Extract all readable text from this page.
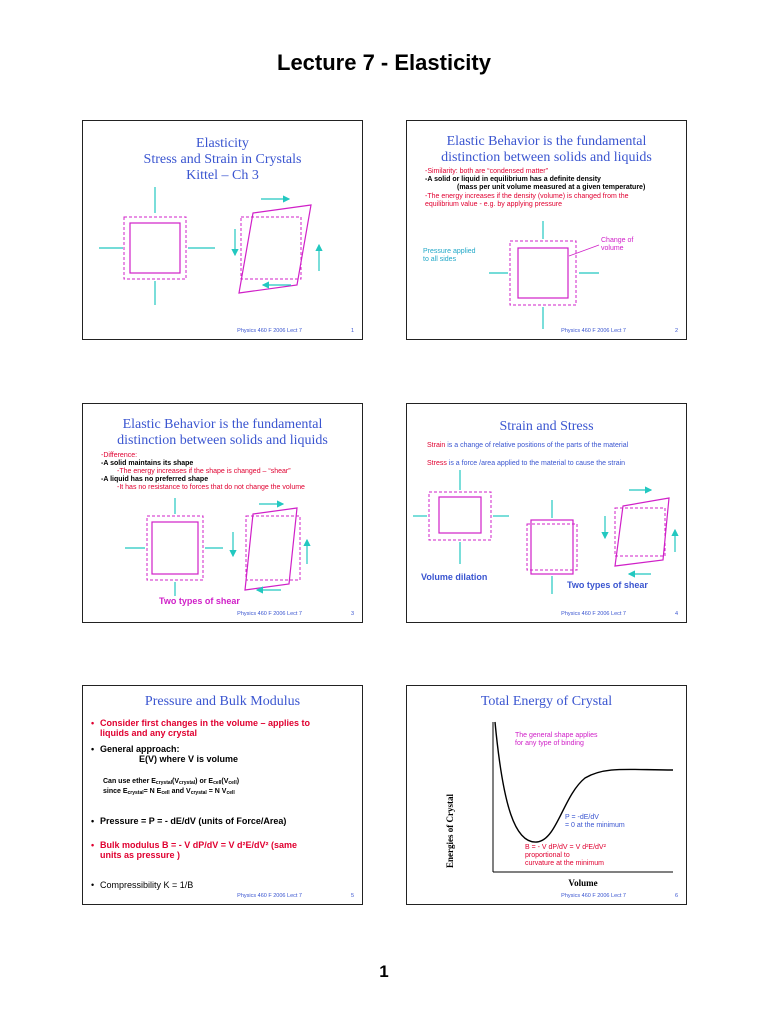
Lecture 7 - Elasticity
Elasticity
Stress and Strain in Crystals
Kittel – Ch 3
Physics 460 F 2006 Lect 7	1
Elastic Behavior is the fundamental
distinction between solids and liquids
-Similarity: both are “condensed matter”
-A solid or liquid in equilibrium has a definite density
(mass per unit volume measured at a given temperature)
-The energy increases if the density (volume) is changed from the
equilibrium value - e.g. by applying pressure
Pressure applied
to all sides
Change of
volume
Physics 460 F 2006 Lect 7	2
Elastic Behavior is the fundamental
distinction between solids and liquids
-Difference:
-A solid maintains its shape
-The energy increases if the shape is changed – “shear”
-A liquid has no preferred shape
-It has no resistance to forces that do not change the volume
Two types of shear
Physics 460 F 2006 Lect 7	3
Strain and Stress
Strain is a change of relative positions of the parts of the material
Stress is a force /area applied to the material to cause the strain
Volume dilation
Two types of shear
Physics 460 F 2006 Lect 7	4
Pressure and Bulk Modulus
• Consider first changes in the volume – applies to
liquids and any crystal
• General approach:
E(V) where V is volume
Can use ether $E_{crystal}(V_{crystal})$ or $E_{cell}(V_{cell})$
since $E_{crystal}= N$ $E_{cell}$ and $V_{crystal} = N$ $V_{cell}$
• Pressure = P = - dE/dV (units of Force/Area)
• Bulk modulus B = - V dP/dV = V d²E/dV² (same
units as pressure )
• Compressibility K = 1/B
Physics 460 F 2006 Lect 7	5
Total Energy of Crystal
The general shape applies
for any type of binding
Energies of Crystal
Volume
P = -dE/dV
= 0 at the minimum
B = - V dP/dV = V d²E/dV²
proportional to
curvature at the minimum
Physics 460 F 2006 Lect 7	6
1
